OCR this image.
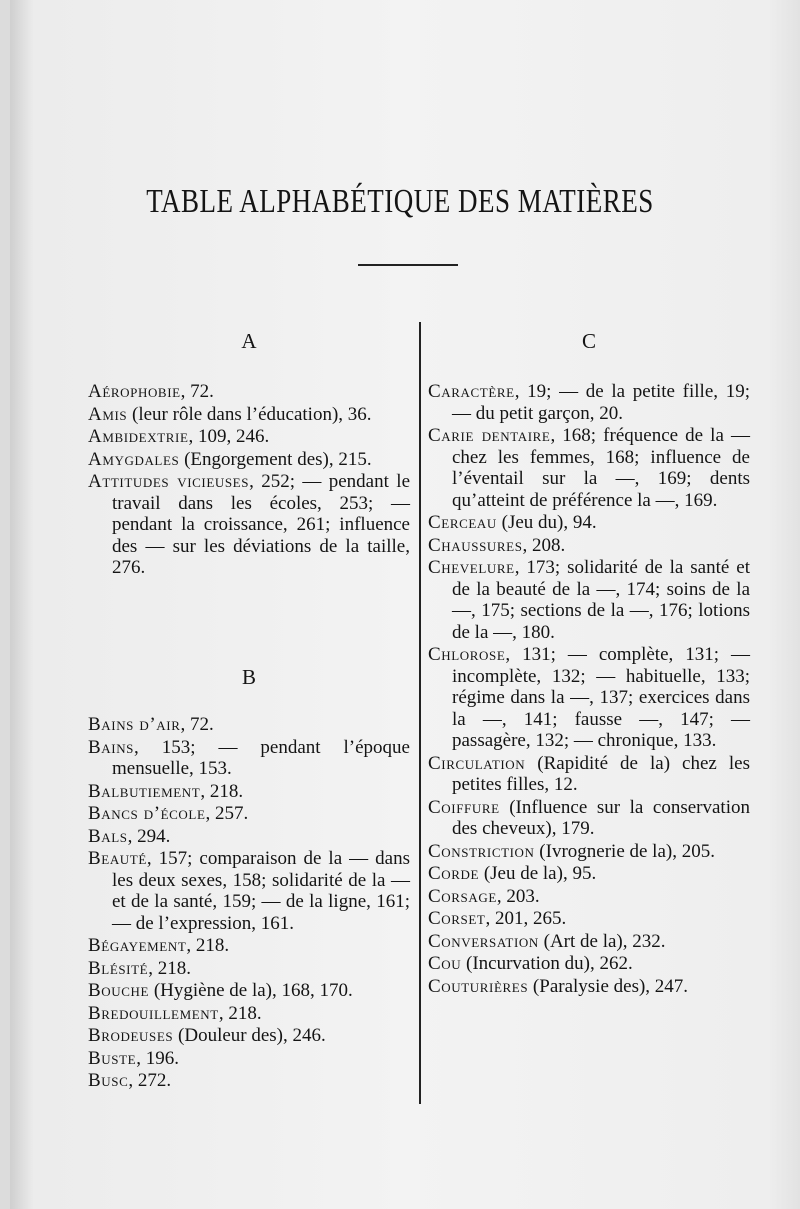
TABLE ALPHABÉTIQUE DES MATIÈRES
A

Aérophobie, 72.

Amis (leur rôle dans l’éducation), 36.

Ambidextrie, 109, 246.

Amygdales (Engorgement des), 215.

Attitudes vicieuses, 252; — pendant le travail dans les écoles, 253; — pendant la croissance, 261; influence des — sur les déviations de la taille, 276.

B

Bains d’air, 72.

Bains, 153; — pendant l’époque mensuelle, 153.

Balbutiement, 218.

Bancs d’école, 257.

Bals, 294.

Beauté, 157; comparaison de la — dans les deux sexes, 158; solidarité de la — et de la santé, 159; — de la ligne, 161; — de l’expression, 161.

Bégayement, 218.

Blésité, 218.

Bouche (Hygiène de la), 168, 170.

Bredouillement, 218.

Brodeuses (Douleur des), 246.

Buste, 196.

Busc, 272.

C

Caractère, 19; — de la petite fille, 19; — du petit garçon, 20.

Carie dentaire, 168; fréquence de la — chez les femmes, 168; influence de l’éventail sur la —, 169; dents qu’atteint de préférence la —, 169.

Cerceau (Jeu du), 94.

Chaussures, 208.

Chevelure, 173; solidarité de la santé et de la beauté de la —, 174; soins de la —, 175; sections de la —, 176; lotions de la —, 180.

Chlorose, 131; — complète, 131; — incomplète, 132; — habituelle, 133; régime dans la —, 137; exercices dans la —, 141; fausse —, 147; — passagère, 132; — chronique, 133.

Circulation (Rapidité de la) chez les petites filles, 12.

Coiffure (Influence sur la conservation des cheveux), 179.

Constriction (Ivrognerie de la), 205.

Corde (Jeu de la), 95.

Corsage, 203.

Corset, 201, 265.

Conversation (Art de la), 232.

Cou (Incurvation du), 262.

Couturières (Paralysie des), 247.
